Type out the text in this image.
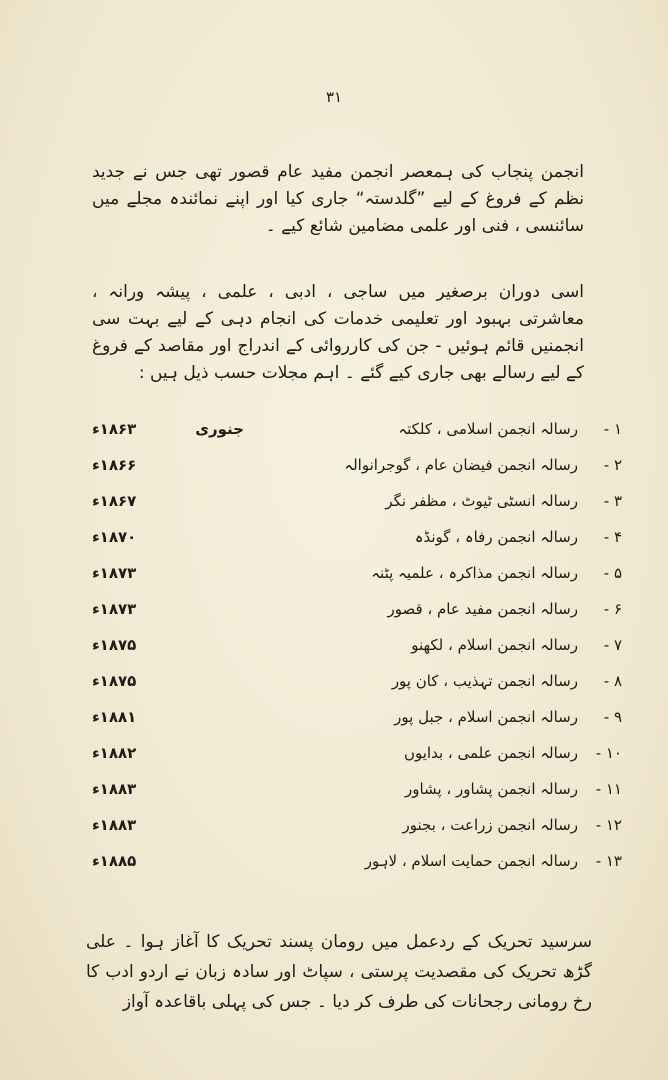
۳۱

انجمن پنجاب کی ہمعصر انجمن مفید عام قصور تھی جس نے جدید نظم کے فروغ کے لیے ”گلدستہ“ جاری کیا اور اپنے نمائندہ مجلے میں سائنسی ، فنی اور علمی مضامین شائع کیے ۔

اسی دوران برصغیر میں ساجی ، ادبی ، علمی ، پیشہ ورانہ ، معاشرتی بہبود اور تعلیمی خدمات کی انجام دہی کے لیے بہت سی انجمنیں قائم ہوئیں - جن کی کارروائی کے اندراج اور مقاصد کے فروغ کے لیے رسالے بھی جاری کیے گئے ۔ اہم مجلات حسب ذیل ہیں :

۱ -
رسالہ انجمن اسلامی ، کلکتہ
جنوری
۱۸۶۳ء
۲ -
رسالہ انجمن فیضان عام ، گوجرانوالہ
۱۸۶۶ء
۳ -
رسالہ انسٹی ٹیوٹ ، مظفر نگر
۱۸۶۷ء
۴ -
رسالہ انجمن رفاہ ، گونڈہ
۱۸۷۰ء
۵ -
رسالہ انجمن مذاکرہ ، علمیہ پٹنہ
۱۸۷۳ء
۶ -
رسالہ انجمن مفید عام ، قصور
۱۸۷۳ء
۷ -
رسالہ انجمن اسلام ، لکھنو
۱۸۷۵ء
۸ -
رسالہ انجمن تہذیب ، کان پور
۱۸۷۵ء
۹ -
رسالہ انجمن اسلام ، جبل پور
۱۸۸۱ء
۱۰ -
رسالہ انجمن علمی ، بدایوں
۱۸۸۲ء
۱۱ -
رسالہ انجمن پشاور ، پشاور
۱۸۸۳ء
۱۲ -
رسالہ انجمن زراعت ، بجنور
۱۸۸۳ء
۱۳ -
رسالہ انجمن حمایت اسلام ، لاہور
۱۸۸۵ء

سرسید تحریک کے ردعمل میں رومان پسند تحریک کا آغاز ہوا ۔ علی گڑھ تحریک کی مقصدیت پرستی ، سپاٹ اور سادہ زبان نے اردو ادب کا رخ رومانی رجحانات کی طرف کر دیا ۔ جس کی پہلی باقاعدہ آواز
